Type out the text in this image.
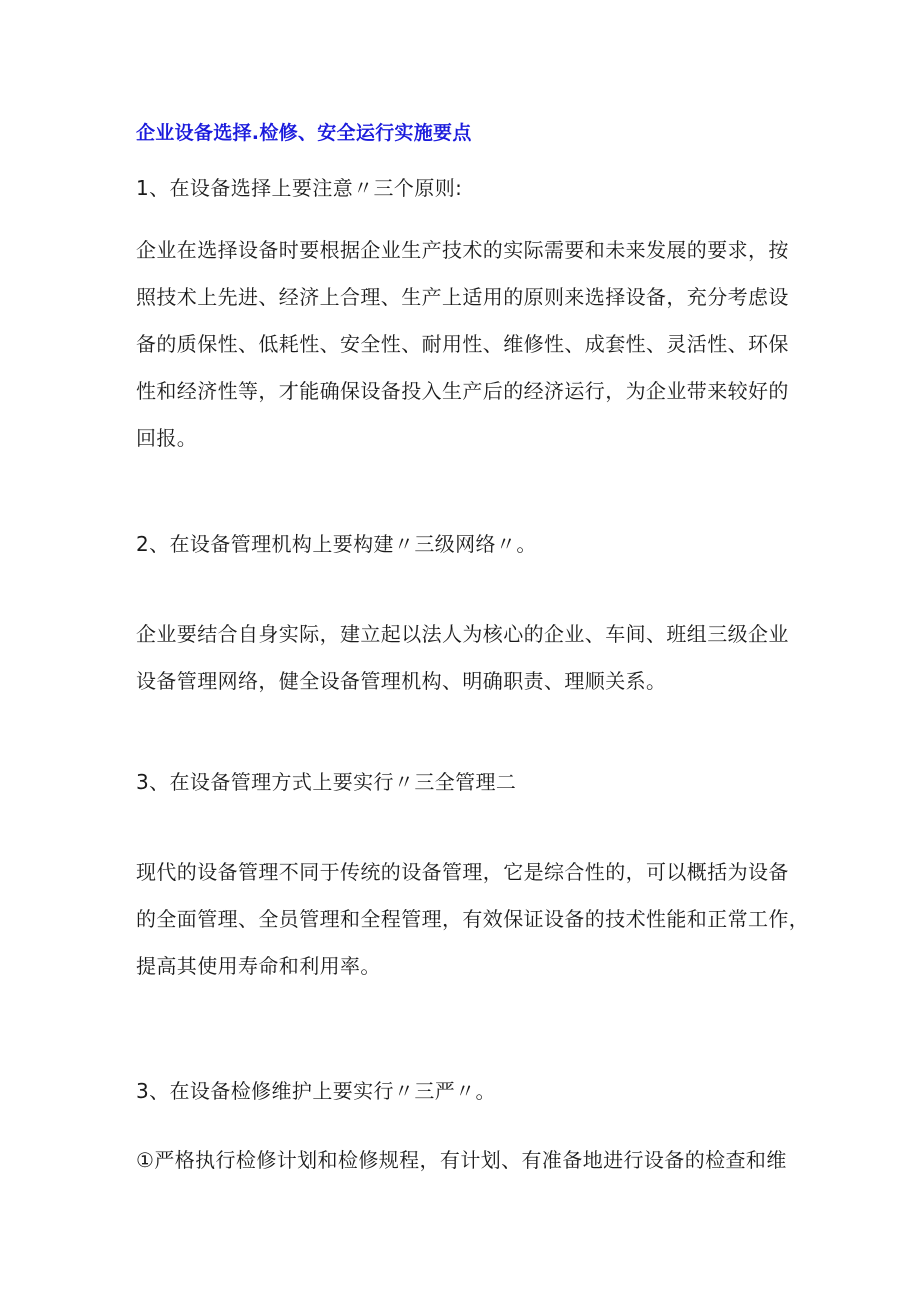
企业设备选择.检修、安全运行实施要点
1、在设备选择上要注意〃三个原则:
企业在选择设备时要根据企业生产技术的实际需要和未来发展的要求，按
照技术上先进、经济上合理、生产上适用的原则来选择设备，充分考虑设
备的质保性、低耗性、安全性、耐用性、维修性、成套性、灵活性、环保
性和经济性等，才能确保设备投入生产后的经济运行，为企业带来较好的
回报。
2、在设备管理机构上要构建〃三级网络〃。
企业要结合自身实际，建立起以法人为核心的企业、车间、班组三级企业
设备管理网络，健全设备管理机构、明确职责、理顺关系。
3、在设备管理方式上要实行〃三全管理二
现代的设备管理不同于传统的设备管理，它是综合性的，可以概括为设备
的全面管理、全员管理和全程管理，有效保证设备的技术性能和正常工作，
提高其使用寿命和利用率。
3、在设备检修维护上要实行〃三严〃。
①严格执行检修计划和检修规程，有计划、有准备地进行设备的检查和维
